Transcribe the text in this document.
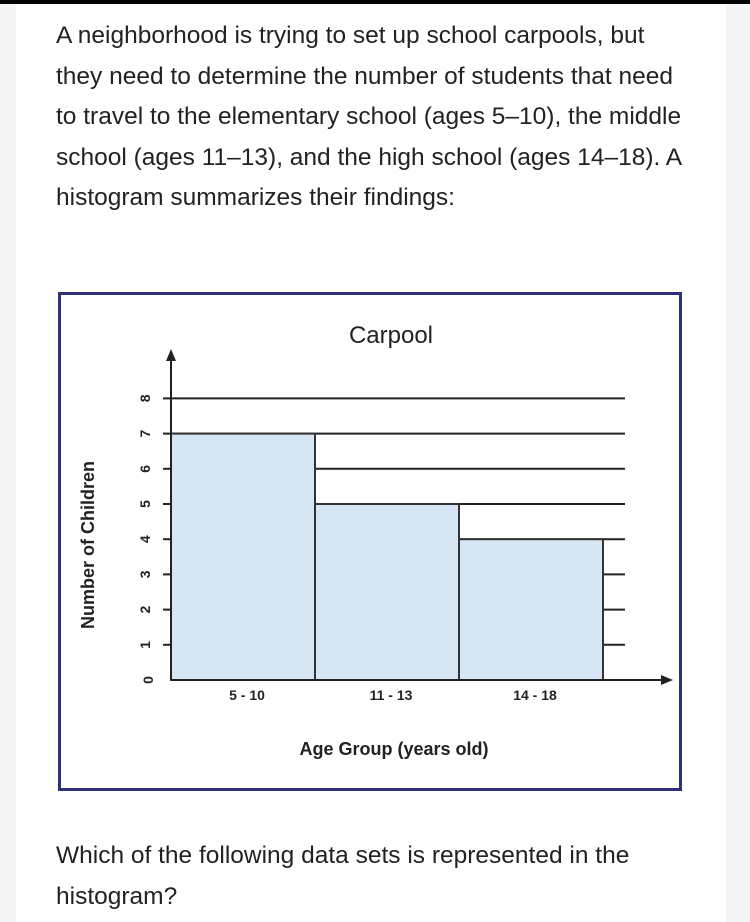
A neighborhood is trying to set up school carpools, but they need to determine the number of students that need to travel to the elementary school (ages 5–10), the middle school (ages 11–13), and the high school (ages 14–18). A histogram summarizes their findings:
0
1
2
3
4
5
6
7
8
5 - 10	11 - 13	14 - 18
Carpool
Age Group (years old)
Number of Children
Which of the following data sets is represented in the histogram?
